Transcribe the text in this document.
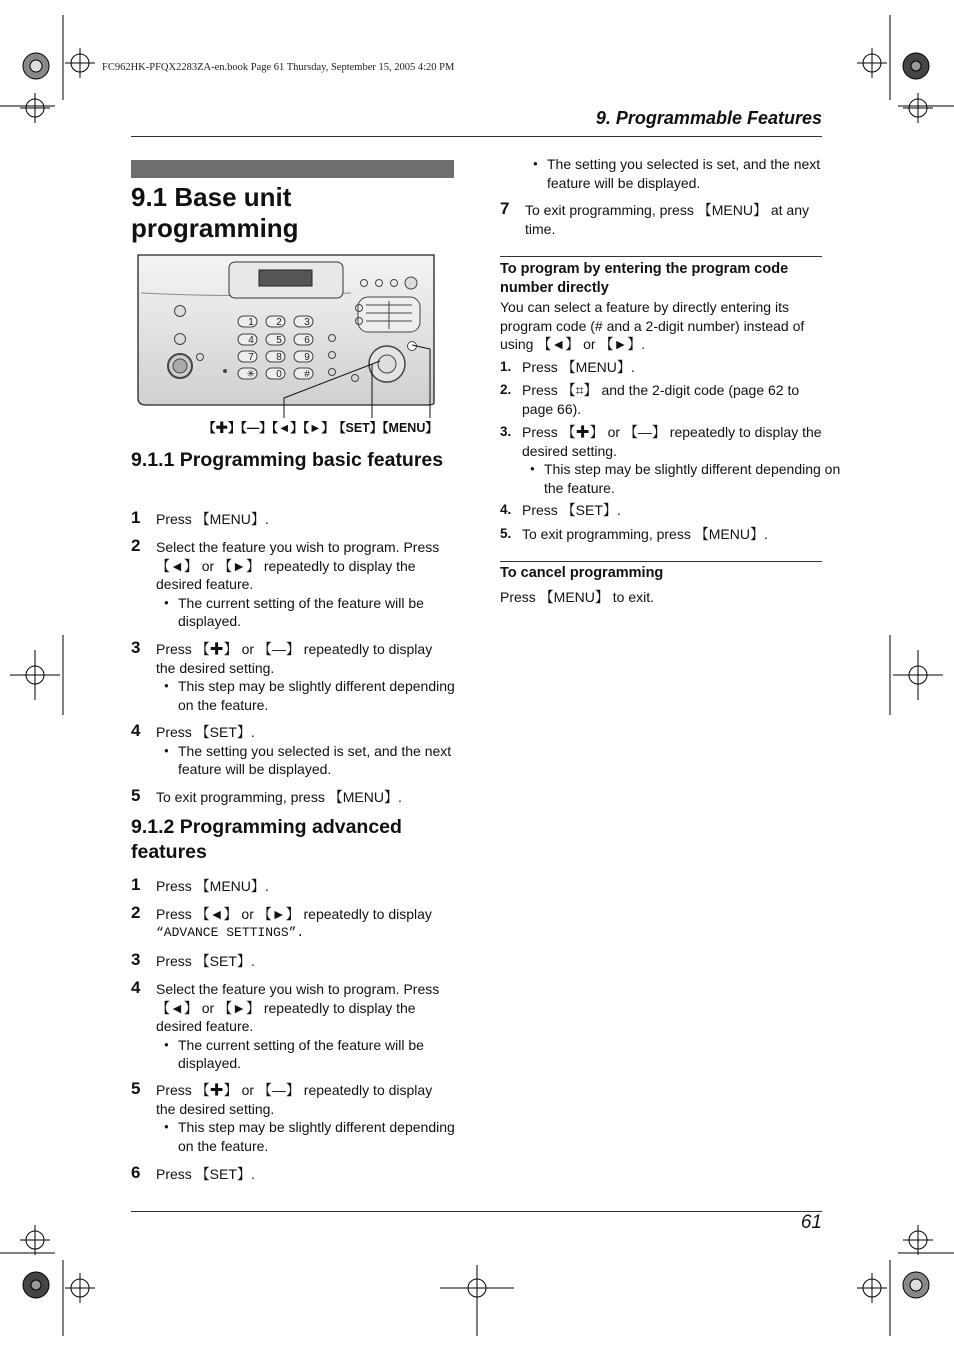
FC962HK-PFQX2283ZA-en.book Page 61 Thursday, September 15, 2005 4:20 PM
9. Programmable Features
9.1 Base unit programming
1 2 3
4 5 6
7 8 9
✳ 0 #
【✚】【—】【◄】【►】 【SET】【MENU】
9.1.1 Programming basic features
1 Press 【MENU】.
2 Select the feature you wish to program. Press 【◄】 or 【►】 repeatedly to display the desired feature.
● The current setting of the feature will be displayed.
3 Press 【✚】 or 【—】 repeatedly to display the desired setting.
● This step may be slightly different depending on the feature.
4 Press 【SET】.
● The setting you selected is set, and the next feature will be displayed.
5 To exit programming, press 【MENU】.
9.1.2 Programming advanced features
1 Press 【MENU】.
2 Press 【◄】 or 【►】 repeatedly to display
“ADVANCE SETTINGS”.
3 Press 【SET】.
4 Select the feature you wish to program. Press 【◄】 or 【►】 repeatedly to display the desired feature.
● The current setting of the feature will be displayed.
5 Press 【✚】 or 【—】 repeatedly to display the desired setting.
● This step may be slightly different depending on the feature.
6 Press 【SET】.
● The setting you selected is set, and the next feature will be displayed.
7 To exit programming, press 【MENU】 at any time.
To program by entering the program code number directly
You can select a feature by directly entering its program code (# and a 2-digit number) instead of using 【◄】 or 【►】.
1. Press 【MENU】.
2. Press 【⌗】 and the 2-digit code (page 62 to page 66).
3. Press 【✚】 or 【—】 repeatedly to display the desired setting.
● This step may be slightly different depending on the feature.
4. Press 【SET】.
5. To exit programming, press 【MENU】.
To cancel programming
Press 【MENU】 to exit.
61
